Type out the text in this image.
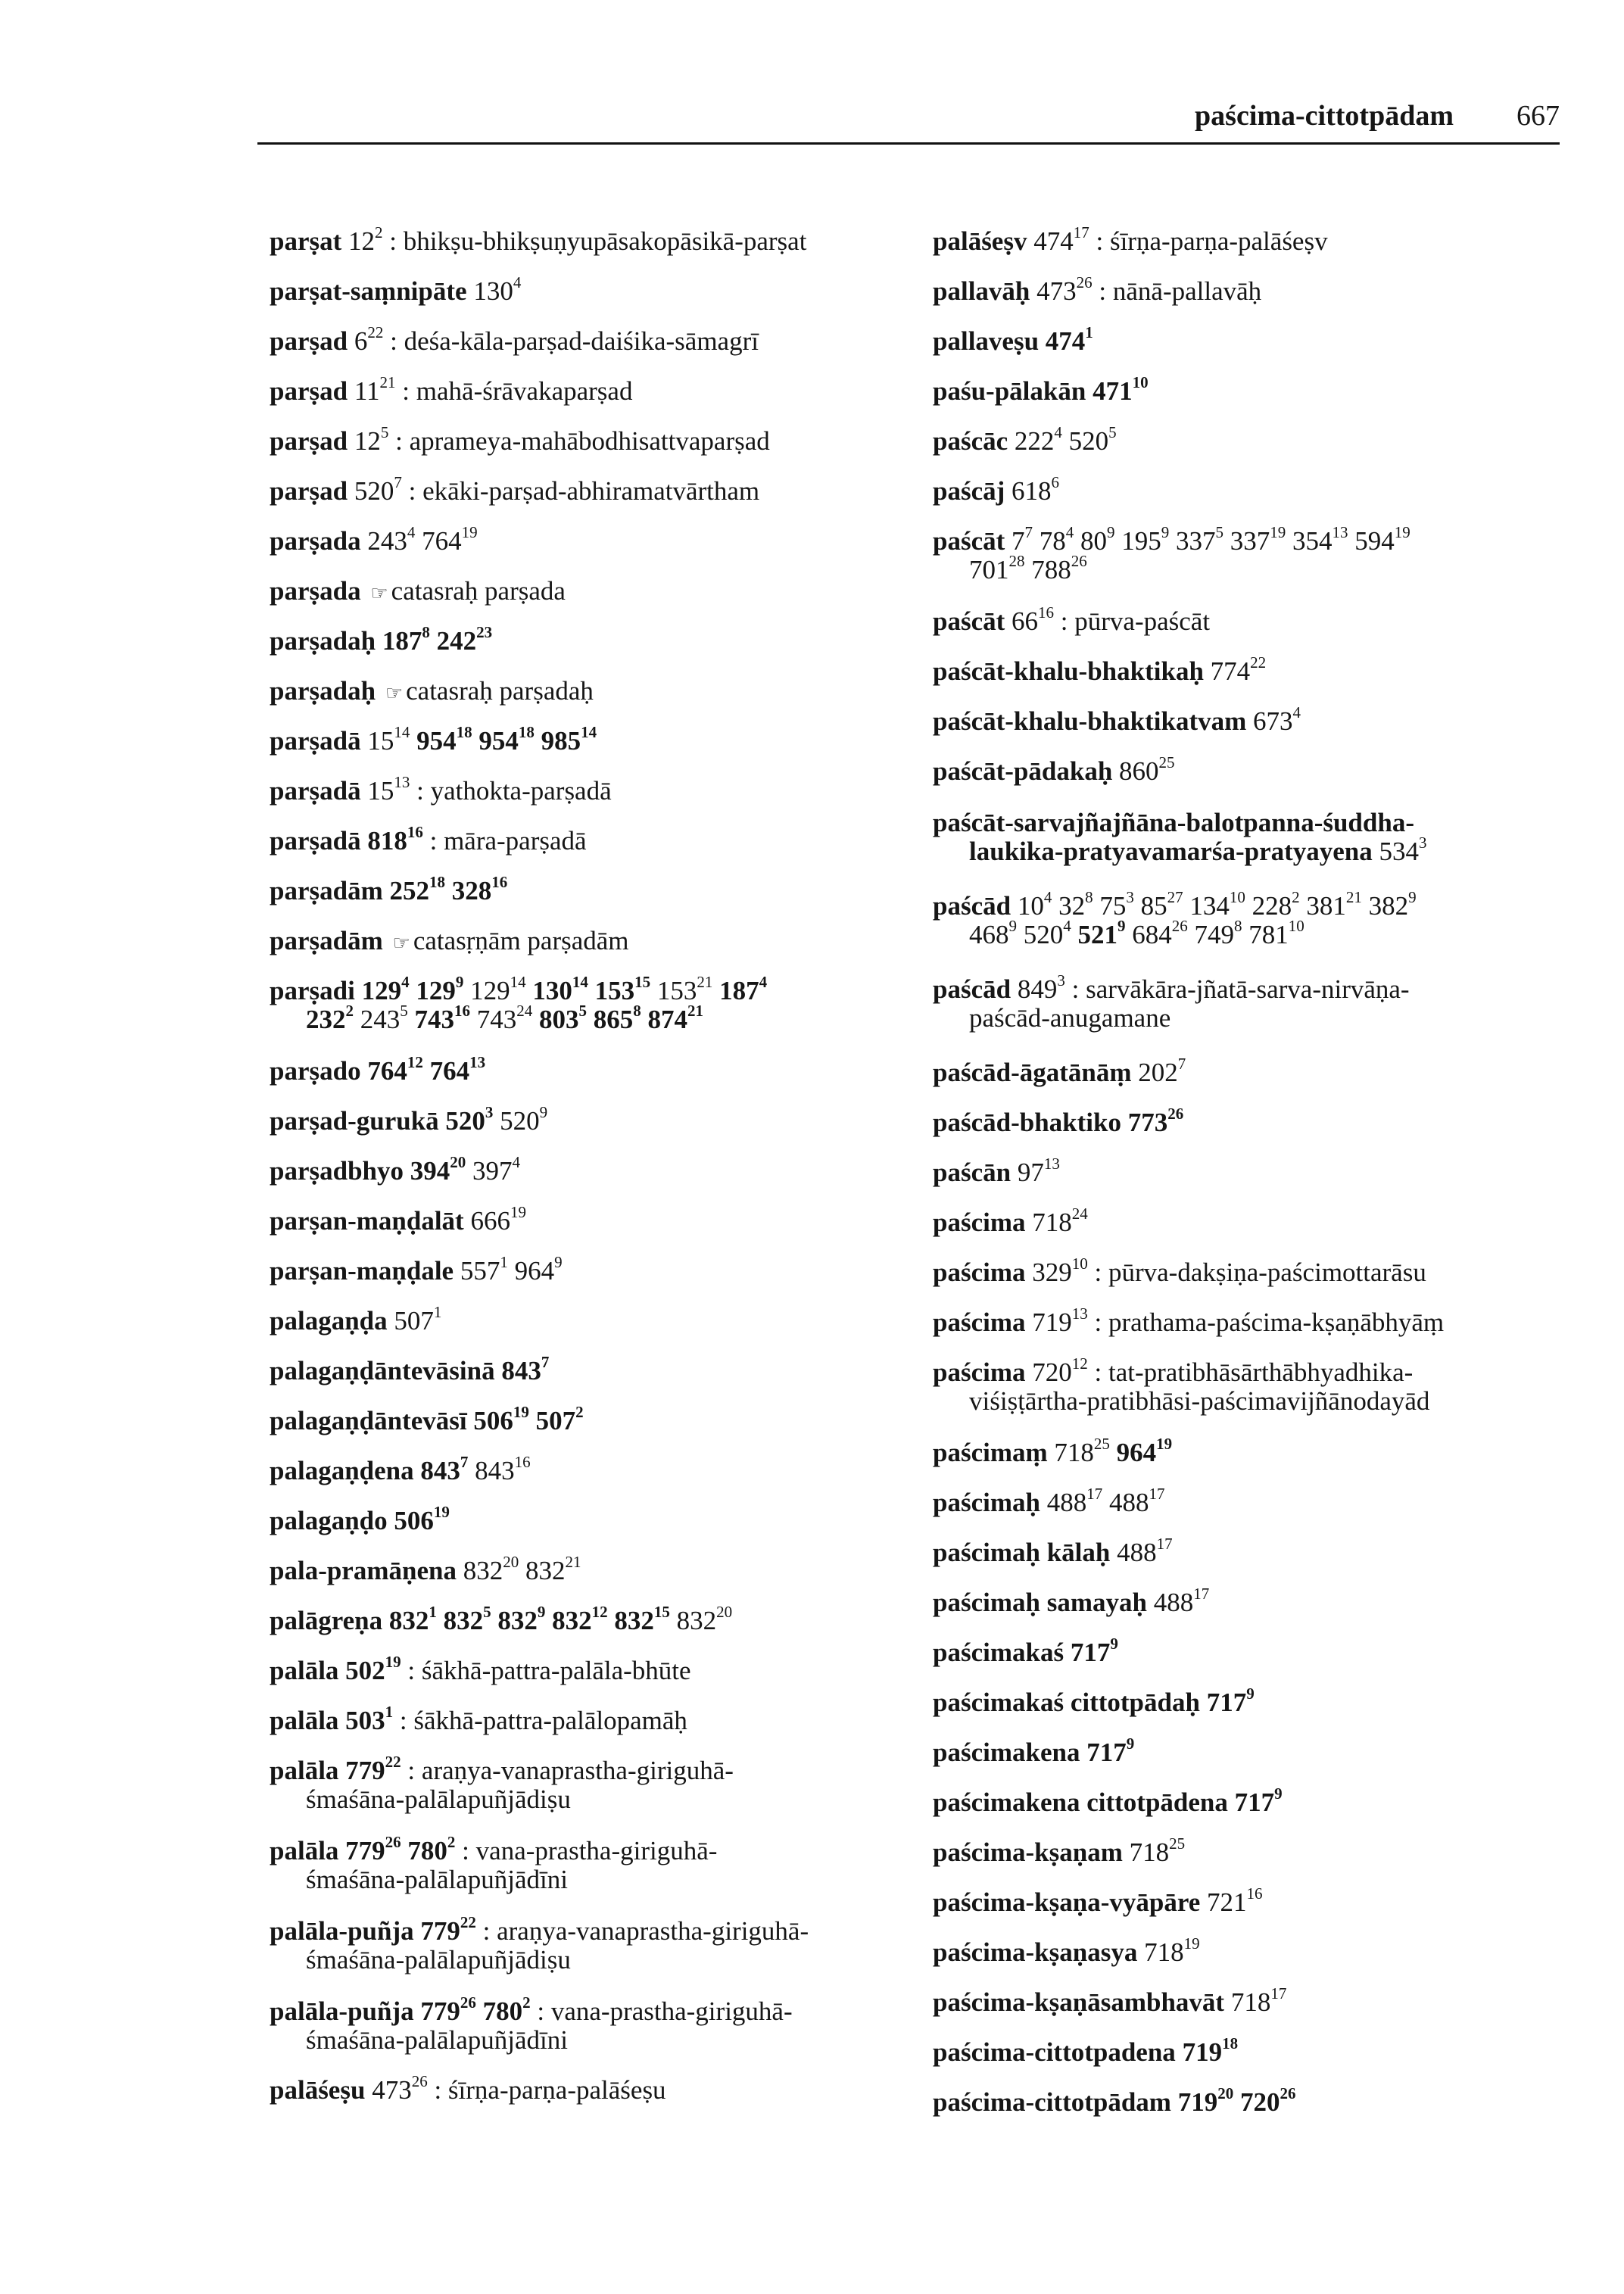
paścima-cittotpādam 667
parṣat $12^2$ : bhikṣu-bhikṣuṇyupāsakopāsikā-parṣat
parṣat-saṃnipāte $130^4$
parṣad $6^{22}$ : deśa-kāla-parṣad-daiśika-sāmagrī
parṣad $11^{21}$ : mahā-śrāvakaparṣad
parṣad $12^5$ : aprameya-mahābodhisattvaparṣad
parṣad $520^7$ : ekāki-parṣad-abhiramatvārtham
parṣada $243^4$ $764^{19}$
parṣada ☞ catasraḥ parṣada
parṣadaḥ $187^8$ $242^{23}$
parṣadaḥ ☞ catasraḥ parṣadaḥ
parṣadā $15^{14}$ $954^{18}$ $954^{18}$ $985^{14}$
parṣadā $15^{13}$ : yathokta-parṣadā
parṣadā $818^{16}$ : māra-parṣadā
parṣadām $252^{18}$ $328^{16}$
parṣadām ☞ catasṛṇām parṣadām
parṣadi $129^4$ $129^9$ $129^{14}$ $130^{14}$ $153^{15}$ $153^{21}$ $187^4$
$232^2$ $243^5$ $743^{16}$ $743^{24}$ $803^5$ $865^8$ $874^{21}$
parṣado $764^{12}$ $764^{13}$
parṣad-gurukā $520^3$ $520^9$
parṣadbhyo $394^{20}$ $397^4$
parṣan-maṇḍalāt $666^{19}$
parṣan-maṇḍale $557^1$ $964^9$
palagaṇḍa $507^1$
palagaṇḍāntevāsinā $843^7$
palagaṇḍāntevāsī $506^{19}$ $507^2$
palagaṇḍena $843^7$ $843^{16}$
palagaṇḍo $506^{19}$
pala-pramāṇena $832^{20}$ $832^{21}$
palāgreṇa $832^1$ $832^5$ $832^9$ $832^{12}$ $832^{15}$ $832^{20}$
palāla $502^{19}$ : śākhā-pattra-palāla-bhūte
palāla $503^1$ : śākhā-pattra-palālopamāḥ
palāla $779^{22}$ : araṇya-vanaprastha-giriguhā-
śmaśāna-palālapuñjādiṣu
palāla $779^{26}$ $780^2$ : vana-prastha-giriguhā-
śmaśāna-palālapuñjādīni
palāla-puñja $779^{22}$ : araṇya-vanaprastha-giriguhā-
śmaśāna-palālapuñjādiṣu
palāla-puñja $779^{26}$ $780^2$ : vana-prastha-giriguhā-
śmaśāna-palālapuñjādīni
palāśeṣu $473^{26}$ : śīrṇa-parṇa-palāśeṣu
palāśeṣv $474^{17}$ : śīrṇa-parṇa-palāśeṣv
pallavāḥ $473^{26}$ : nānā-pallavāḥ
pallaveṣu $474^1$
paśu-pālakān $471^{10}$
paścāc $222^4$ $520^5$
paścāj $618^6$
paścāt $7^7$ $78^4$ $80^9$ $195^9$ $337^5$ $337^{19}$ $354^{13}$ $594^{19}$
$701^{28}$ $788^{26}$
paścāt $66^{16}$ : pūrva-paścāt
paścāt-khalu-bhaktikaḥ $774^{22}$
paścāt-khalu-bhaktikatvam $673^4$
paścāt-pādakaḥ $860^{25}$
paścāt-sarvajñajñāna-balotpanna-śuddha-
laukika-pratyavamarśa-pratyayena $534^3$
paścād $10^4$ $32^8$ $75^3$ $85^{27}$ $134^{10}$ $228^2$ $381^{21}$ $382^9$
$468^9$ $520^4$ $521^9$ $684^{26}$ $749^8$ $781^{10}$
paścād $849^3$ : sarvākāra-jñatā-sarva-nirvāṇa-
paścād-anugamane
paścād-āgatānāṃ $202^7$
paścād-bhaktiko $773^{26}$
paścān $97^{13}$
paścima $718^{24}$
paścima $329^{10}$ : pūrva-dakṣiṇa-paścimottarāsu
paścima $719^{13}$ : prathama-paścima-kṣaṇābhyāṃ
paścima $720^{12}$ : tat-pratibhāsārthābhyadhika-
viśiṣṭārtha-pratibhāsi-paścimavijñānodayād
paścimaṃ $718^{25}$ $964^{19}$
paścimaḥ $488^{17}$ $488^{17}$
paścimaḥ kālaḥ $488^{17}$
paścimaḥ samayaḥ $488^{17}$
paścimakaś $717^9$
paścimakaś cittotpādaḥ $717^9$
paścimakena $717^9$
paścimakena cittotpādena $717^9$
paścima-kṣaṇam $718^{25}$
paścima-kṣaṇa-vyāpāre $721^{16}$
paścima-kṣaṇasya $718^{19}$
paścima-kṣaṇāsambhavāt $718^{17}$
paścima-cittotpadena $719^{18}$
paścima-cittotpādam $719^{20}$ $720^{26}$
